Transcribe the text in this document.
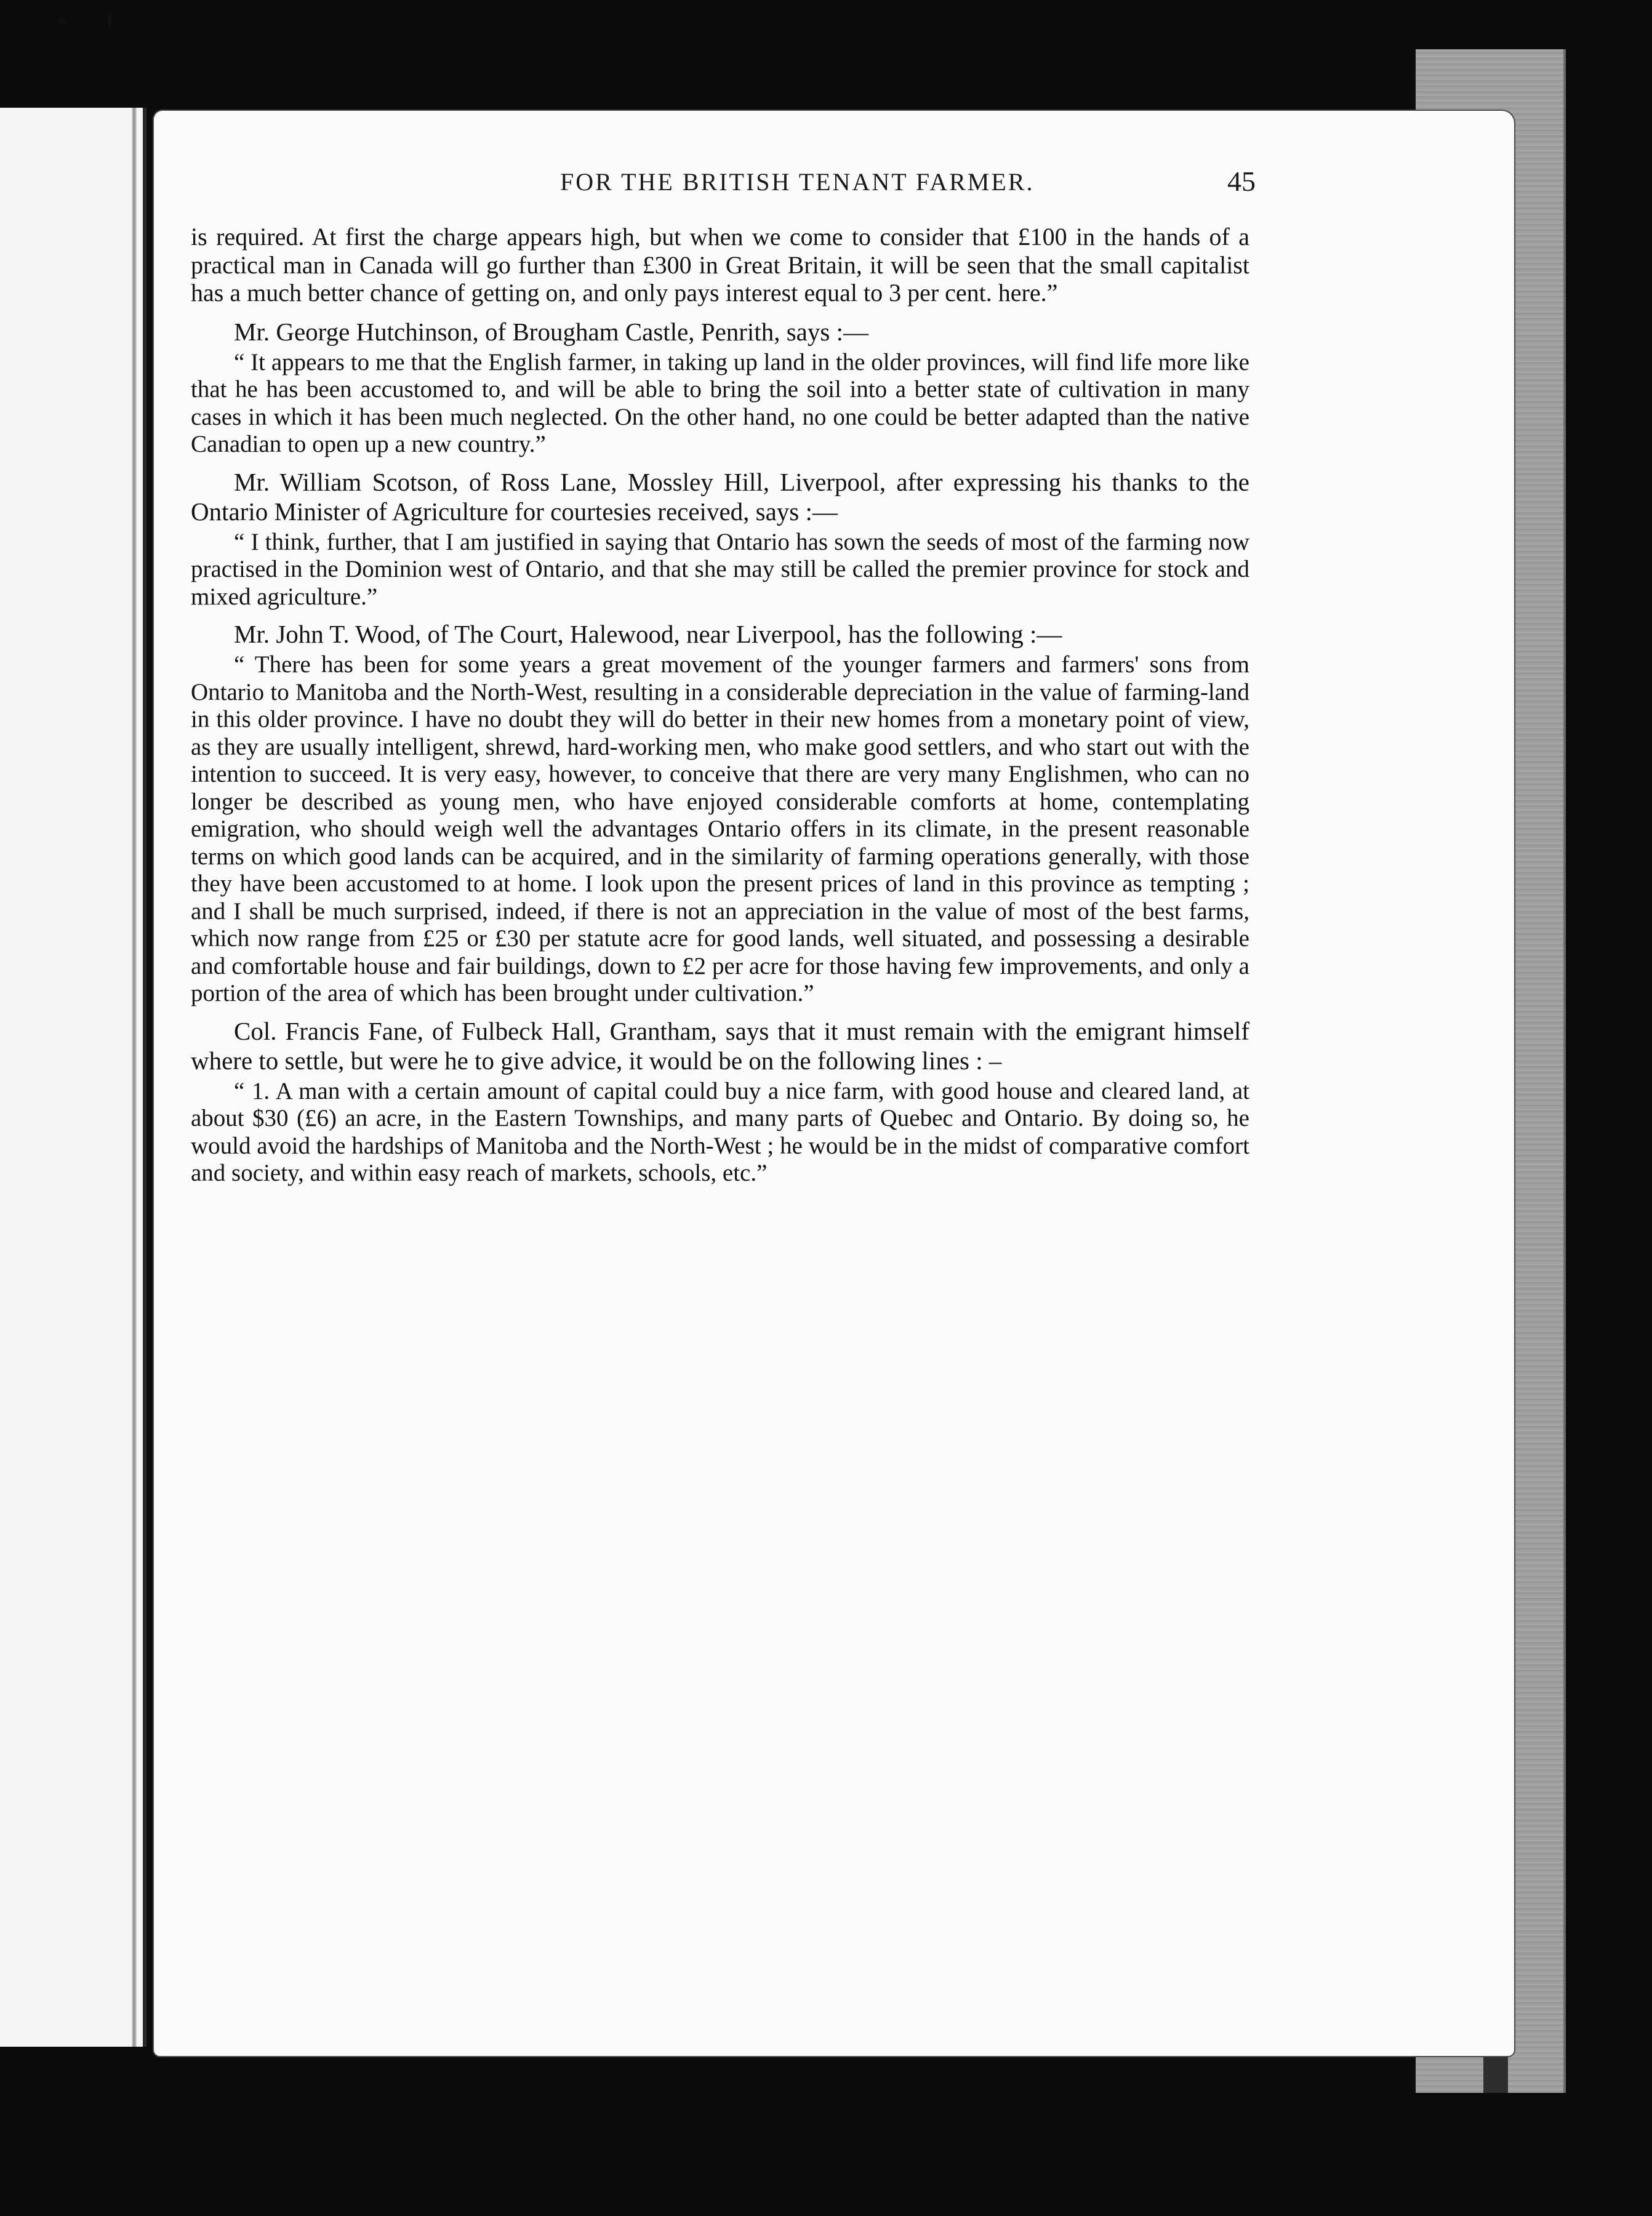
FOR THE BRITISH TENANT FARMER.	45

is required. At first the charge appears high, but when we come to consider that £100 in the hands of a practical man in Canada will go further than £300 in Great Britain, it will be seen that the small capitalist has a much better chance of getting on, and only pays interest equal to 3 per cent. here.”

Mr. George Hutchinson, of Brougham Castle, Penrith, says :—

“ It appears to me that the English farmer, in taking up land in the older provinces, will find life more like that he has been accustomed to, and will be able to bring the soil into a better state of cultivation in many cases in which it has been much neglected. On the other hand, no one could be better adapted than the native Canadian to open up a new country.”

Mr. William Scotson, of Ross Lane, Mossley Hill, Liverpool, after expressing his thanks to the Ontario Minister of Agriculture for courtesies received, says :—

“ I think, further, that I am justified in saying that Ontario has sown the seeds of most of the farming now practised in the Dominion west of Ontario, and that she may still be called the premier province for stock and mixed agriculture.”

Mr. John T. Wood, of The Court, Halewood, near Liverpool, has the following :—

“ There has been for some years a great movement of the younger farmers and farmers' sons from Ontario to Manitoba and the North-West, resulting in a considerable depreciation in the value of farming-land in this older province. I have no doubt they will do better in their new homes from a monetary point of view, as they are usually intelligent, shrewd, hard-working men, who make good settlers, and who start out with the intention to succeed. It is very easy, however, to conceive that there are very many Englishmen, who can no longer be described as young men, who have enjoyed considerable comforts at home, contemplating emigration, who should weigh well the advantages Ontario offers in its climate, in the present reasonable terms on which good lands can be acquired, and in the similarity of farming operations generally, with those they have been accustomed to at home. I look upon the present prices of land in this province as tempting ; and I shall be much surprised, indeed, if there is not an appreciation in the value of most of the best farms, which now range from £25 or £30 per statute acre for good lands, well situated, and possessing a desirable and comfortable house and fair buildings, down to £2 per acre for those having few improvements, and only a portion of the area of which has been brought under cultivation.”

Col. Francis Fane, of Fulbeck Hall, Grantham, says that it must remain with the emigrant himself where to settle, but were he to give advice, it would be on the following lines : –

“ 1. A man with a certain amount of capital could buy a nice farm, with good house and cleared land, at about $30 (£6) an acre, in the Eastern Townships, and many parts of Quebec and Ontario. By doing so, he would avoid the hardships of Manitoba and the North-West ; he would be in the midst of comparative comfort and society, and within easy reach of markets, schools, etc.”
